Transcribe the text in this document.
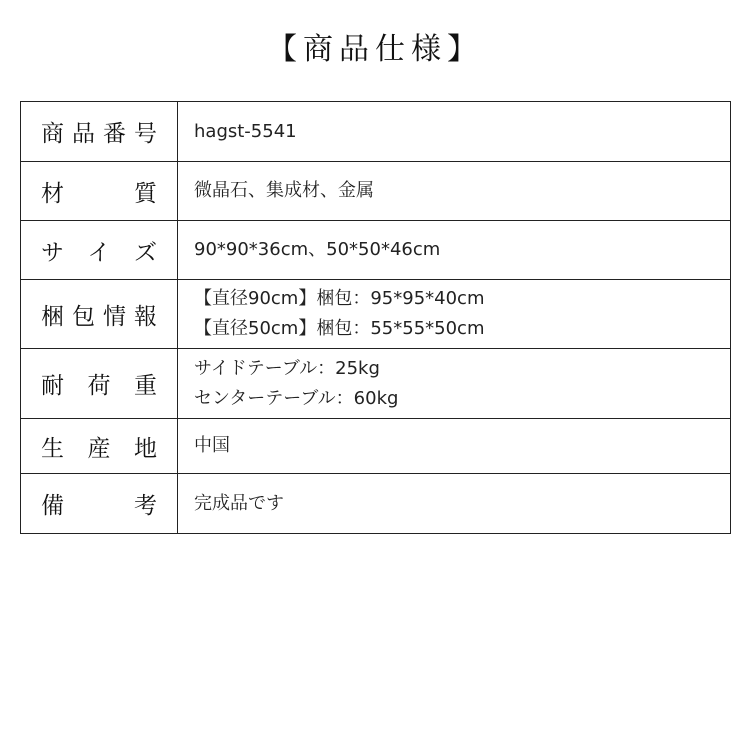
【商品仕様】
商 品 番 号 hagst-5541
材	質 微晶石、集成材、金属
サ イ ズ 90*90*36cm、50*50*46cm
梱 包 情 報
【直径90cm】梱包：95*95*40cm
【直径50cm】梱包：55*55*50cm
耐 荷 重
サイドテーブル：25kg
センターテーブル：60kg
生 産 地 中国
備	考 完成品です
